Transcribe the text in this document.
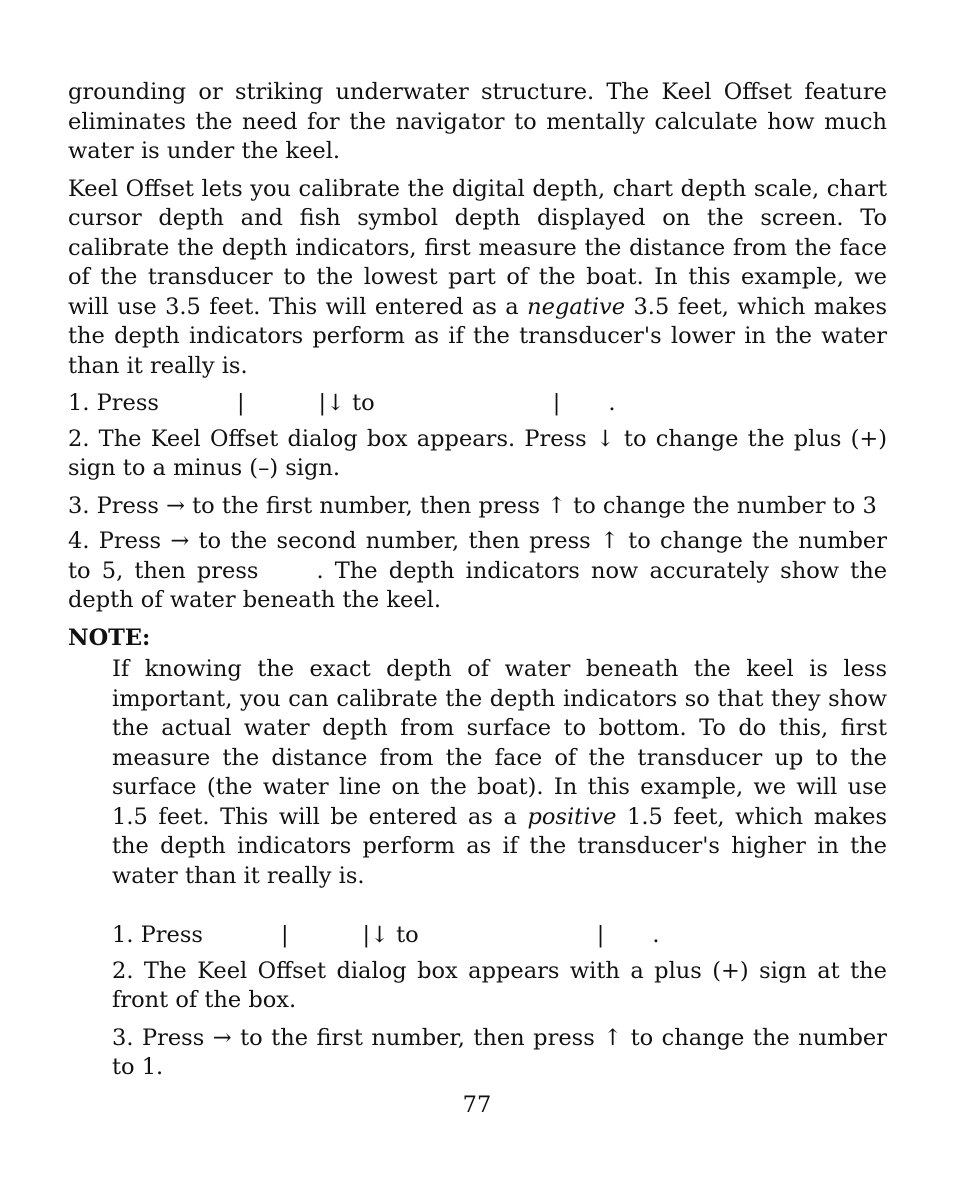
grounding or striking underwater structure. The Keel Offset feature eliminates the need for the navigator to mentally calculate how much water is under the keel.

Keel Offset lets you calibrate the digital depth, chart depth scale, chart cursor depth and fish symbol depth displayed on the screen. To calibrate the depth indicators, first measure the distance from the face of the transducer to the lowest part of the boat. In this example, we will use 3.5 feet. This will entered as a negative 3.5 feet, which makes the depth indicators perform as if the transducer's lower in the water than it really is.

1. Press	|	|↓ to	| .

2. The Keel Offset dialog box appears. Press ↓ to change the plus (+) sign to a minus (–) sign.

3. Press → to the first number, then press ↑ to change the number to 3

4. Press → to the second number, then press ↑ to change the number to 5, then press	. The depth indicators now accurately show the depth of water beneath the keel.

NOTE:

If knowing the exact depth of water beneath the keel is less important, you can calibrate the depth indicators so that they show the actual water depth from surface to bottom. To do this, first measure the distance from the face of the transducer up to the surface (the water line on the boat). In this example, we will use 1.5 feet. This will be entered as a positive 1.5 feet, which makes the depth indicators perform as if the transducer's higher in the water than it really is.

1. Press	|	|↓ to	| .

2. The Keel Offset dialog box appears with a plus (+) sign at the front of the box.

3. Press → to the first number, then press ↑ to change the number to 1.

77
